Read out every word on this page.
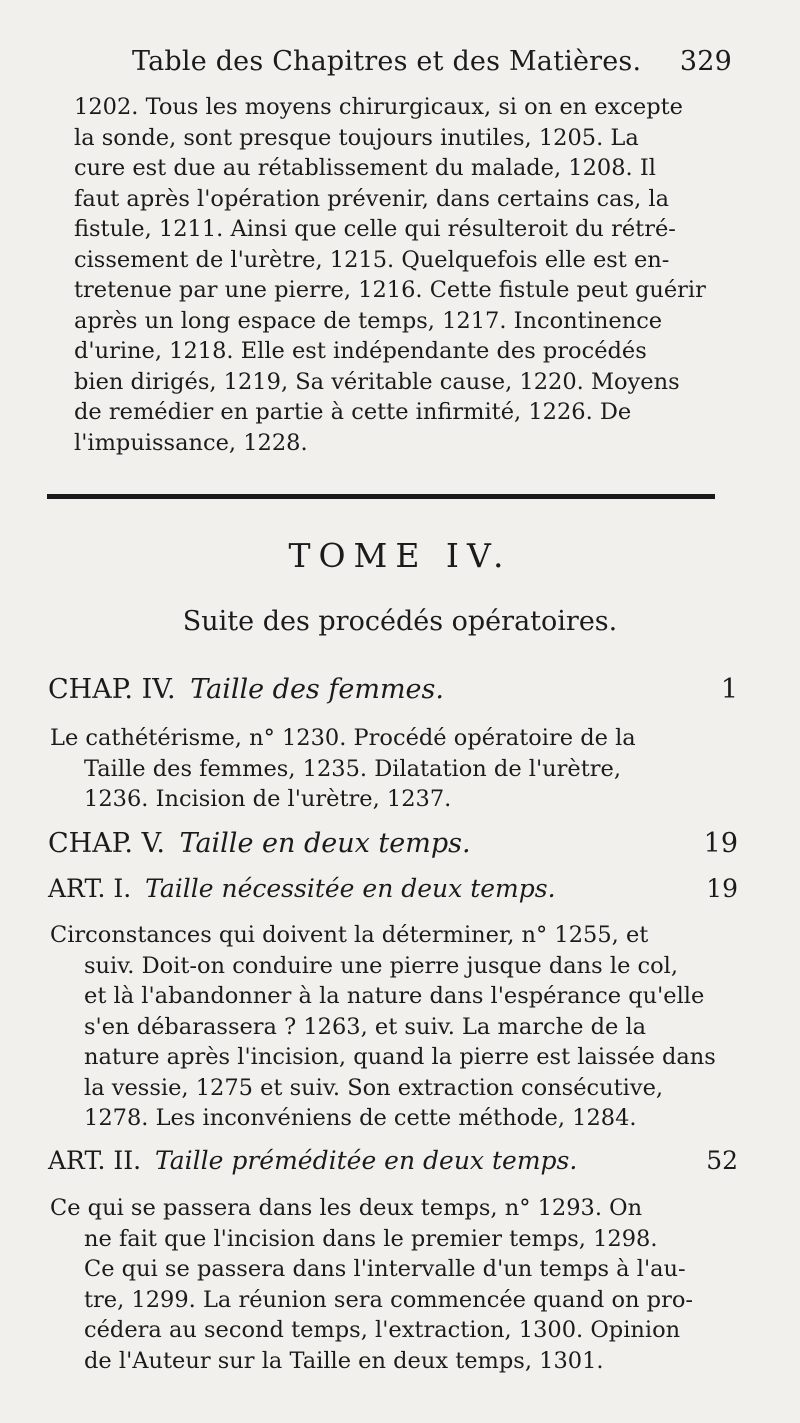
Table des Chapitres et des Matières. 329
1202. Tous les moyens chirurgicaux, si on en excepte
la sonde, sont presque toujours inutiles, 1205. La
cure est due au rétablissement du malade, 1208. Il
faut après l'opération prévenir, dans certains cas, la
fistule, 1211. Ainsi que celle qui résulteroit du rétré-
cissement de l'urètre, 1215. Quelquefois elle est en-
tretenue par une pierre, 1216. Cette fistule peut guérir
après un long espace de temps, 1217. Incontinence
d'urine, 1218. Elle est indépendante des procédés
bien dirigés, 1219, Sa véritable cause, 1220. Moyens
de remédier en partie à cette infirmité, 1226. De
l'impuissance, 1228.
TOME IV.
Suite des procédés opératoires.
CHAP. IV. Taille des femmes.	1
Le cathétérisme, n° 1230. Procédé opératoire de la
Taille des femmes, 1235. Dilatation de l'urètre,
1236. Incision de l'urètre, 1237.
CHAP. V. Taille en deux temps.	19
ART. I. Taille nécessitée en deux temps.	19
Circonstances qui doivent la déterminer, n° 1255, et
suiv. Doit-on conduire une pierre jusque dans le col,
et là l'abandonner à la nature dans l'espérance qu'elle
s'en débarassera ? 1263, et suiv. La marche de la
nature après l'incision, quand la pierre est laissée dans
la vessie, 1275 et suiv. Son extraction consécutive,
1278. Les inconvéniens de cette méthode, 1284.
ART. II. Taille préméditée en deux temps.	52
Ce qui se passera dans les deux temps, n° 1293. On
ne fait que l'incision dans le premier temps, 1298.
Ce qui se passera dans l'intervalle d'un temps à l'au-
tre, 1299. La réunion sera commencée quand on pro-
cédera au second temps, l'extraction, 1300. Opinion
de l'Auteur sur la Taille en deux temps, 1301.
